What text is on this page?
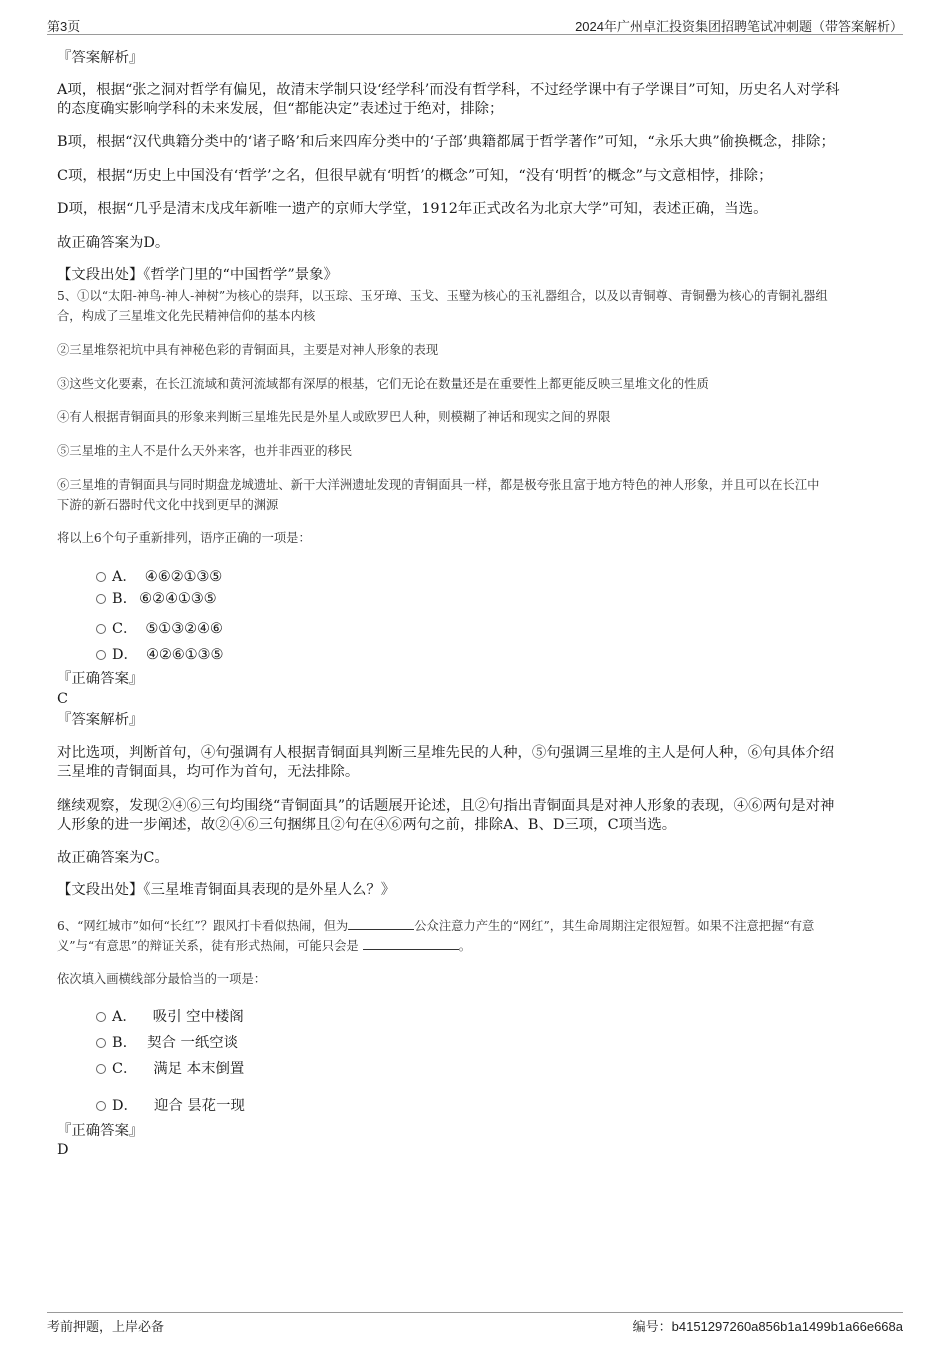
第3页	2024年广州卓汇投资集团招聘笔试冲刺题（带答案解析）
『答案解析』
A项，根据“张之洞对哲学有偏见，故清末学制只设‘经学科’而没有哲学科，不过经学课中有子学课目”可知，历史名人对学科
的态度确实影响学科的未来发展，但“都能决定”表述过于绝对，排除；
B项，根据“汉代典籍分类中的‘诸子略’和后来四库分类中的‘子部’典籍都属于哲学著作”可知，“永乐大典”偷换概念，排除；
C项，根据“历史上中国没有‘哲学’之名，但很早就有‘明哲’的概念”可知，“没有‘明哲’的概念”与文意相悖，排除；
D项，根据“几乎是清末戊戌年新唯一遗产的京师大学堂，1912年正式改名为北京大学”可知，表述正确，当选。
故正确答案为D。
【文段出处】《哲学门里的“中国哲学”景象》
5、①以“太阳-神鸟-神人-神树”为核心的崇拜，以玉琮、玉牙璋、玉戈、玉璧为核心的玉礼器组合，以及以青铜尊、青铜罍为核心的青铜礼器组
合，构成了三星堆文化先民精神信仰的基本内核
②三星堆祭祀坑中具有神秘色彩的青铜面具，主要是对神人形象的表现
③这些文化要素，在长江流域和黄河流域都有深厚的根基，它们无论在数量还是在重要性上都更能反映三星堆文化的性质
④有人根据青铜面具的形象来判断三星堆先民是外星人或欧罗巴人种，则模糊了神话和现实之间的界限
⑤三星堆的主人不是什么天外来客，也并非西亚的移民
⑥三星堆的青铜面具与同时期盘龙城遗址、新干大洋洲遗址发现的青铜面具一样，都是极夸张且富于地方特色的神人形象，并且可以在长江中
下游的新石器时代文化中找到更早的渊源
将以上6个句子重新排列，语序正确的一项是：
A． ④⑥②①③⑤
B. ⑥②④①③⑤
C． ⑤①③②④⑥
D． ④②⑥①③⑤
『正确答案』
C
『答案解析』
对比选项，判断首句，④句强调有人根据青铜面具判断三星堆先民的人种，⑤句强调三星堆的主人是何人种，⑥句具体介绍
三星堆的青铜面具，均可作为首句，无法排除。
继续观察，发现②④⑥三句均围绕“青铜面具”的话题展开论述，且②句指出青铜面具是对神人形象的表现，④⑥两句是对神
人形象的进一步阐述，故②④⑥三句捆绑且②句在④⑥两句之前，排除A、B、D三项，C项当选。
故正确答案为C。
【文段出处】《三星堆青铜面具表现的是外星人么？》
6、“网红城市”如何“长红”？跟风打卡看似热闹，但为	公众注意力产生的“网红”，其生命周期注定很短暂。如果不注意把握“有意
义”与“有意思”的辩证关系，徒有形式热闹，可能只会是	。
依次填入画横线部分最恰当的一项是：
A． 吸引 空中楼阁
B. 契合 一纸空谈
C． 满足 本末倒置
D． 迎合 昙花一现
『正确答案』
D
考前押题，上岸必备	编号：b4151297260a856b1a1499b1a66e668a
